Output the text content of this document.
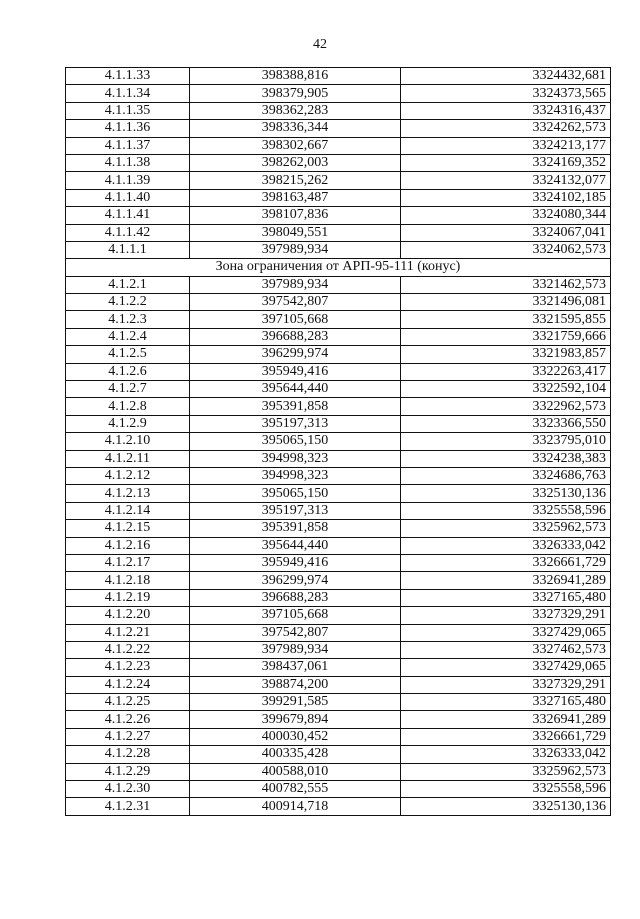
42
4.1.1.33	398388,816	3324432,681
4.1.1.34	398379,905	3324373,565
4.1.1.35	398362,283	3324316,437
4.1.1.36	398336,344	3324262,573
4.1.1.37	398302,667	3324213,177
4.1.1.38	398262,003	3324169,352
4.1.1.39	398215,262	3324132,077
4.1.1.40	398163,487	3324102,185
4.1.1.41	398107,836	3324080,344
4.1.1.42	398049,551	3324067,041
4.1.1.1	397989,934	3324062,573
Зона ограничения от АРП-95-111 (конус)		
4.1.2.1	397989,934	3321462,573
4.1.2.2	397542,807	3321496,081
4.1.2.3	397105,668	3321595,855
4.1.2.4	396688,283	3321759,666
4.1.2.5	396299,974	3321983,857
4.1.2.6	395949,416	3322263,417
4.1.2.7	395644,440	3322592,104
4.1.2.8	395391,858	3322962,573
4.1.2.9	395197,313	3323366,550
4.1.2.10	395065,150	3323795,010
4.1.2.11	394998,323	3324238,383
4.1.2.12	394998,323	3324686,763
4.1.2.13	395065,150	3325130,136
4.1.2.14	395197,313	3325558,596
4.1.2.15	395391,858	3325962,573
4.1.2.16	395644,440	3326333,042
4.1.2.17	395949,416	3326661,729
4.1.2.18	396299,974	3326941,289
4.1.2.19	396688,283	3327165,480
4.1.2.20	397105,668	3327329,291
4.1.2.21	397542,807	3327429,065
4.1.2.22	397989,934	3327462,573
4.1.2.23	398437,061	3327429,065
4.1.2.24	398874,200	3327329,291
4.1.2.25	399291,585	3327165,480
4.1.2.26	399679,894	3326941,289
4.1.2.27	400030,452	3326661,729
4.1.2.28	400335,428	3326333,042
4.1.2.29	400588,010	3325962,573
4.1.2.30	400782,555	3325558,596
4.1.2.31	400914,718	3325130,136
